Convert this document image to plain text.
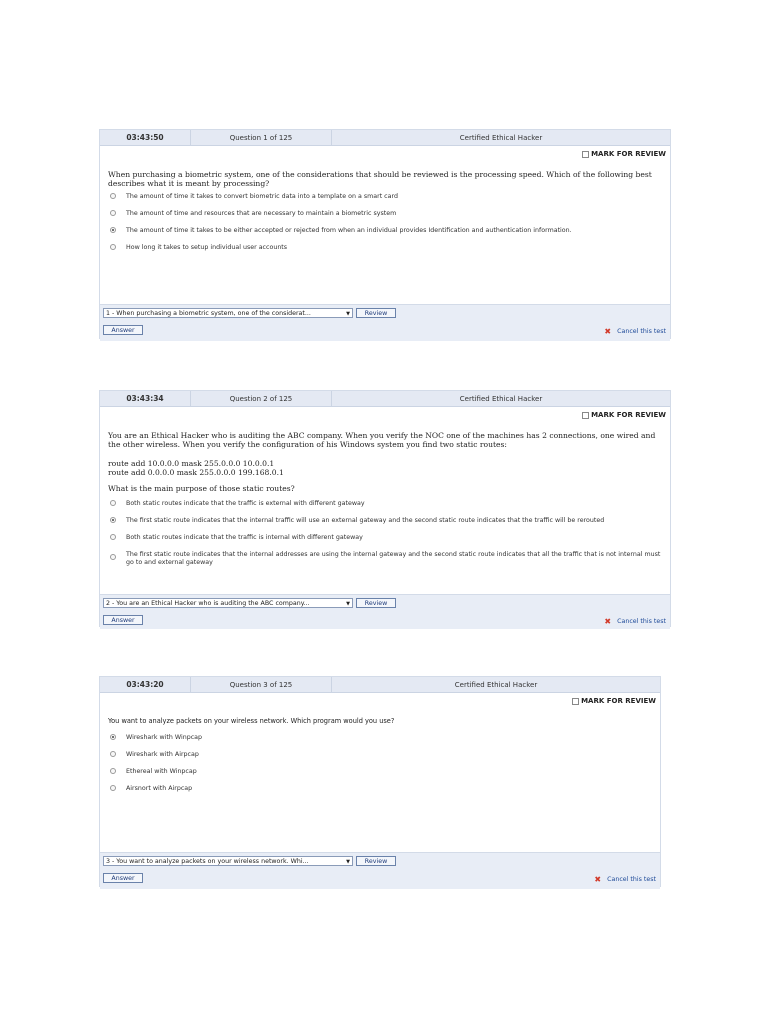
03:43:50	Question 1 of 125	Certified Ethical Hacker
MARK FOR REVIEW
When purchasing a biometric system, one of the considerations that should be reviewed is the processing speed. Which of the following best describes what it is meant by processing?
The amount of time it takes to convert biometric data into a template on a smart card
The amount of time and resources that are necessary to maintain a biometric system
The amount of time it takes to be either accepted or rejected from when an individual provides Identification and authentication information.
How long it takes to setup individual user accounts
1 - When purchasing a biometric system, one of the considerat...	▼	Review
Answer	✖ Cancel this test
03:43:34	Question 2 of 125	Certified Ethical Hacker
MARK FOR REVIEW
You are an Ethical Hacker who is auditing the ABC company. When you verify the NOC one of the machines has 2 connections, one wired and the other wireless. When you verify the configuration of his Windows system you find two static routes:
route add 10.0.0.0 mask 255.0.0.0 10.0.0.1
route add 0.0.0.0 mask 255.0.0.0 199.168.0.1
What is the main purpose of those static routes?
Both static routes indicate that the traffic is external with different gateway
The first static route indicates that the internal traffic will use an external gateway and the second static route indicates that the traffic will be rerouted
Both static routes indicate that the traffic is internal with different gateway
The first static route indicates that the internal addresses are using the internal gateway and the second static route indicates that all the traffic that is not internal must go to and external gateway
2 - You are an Ethical Hacker who is auditing the ABC company...	▼	Review
Answer	✖ Cancel this test
03:43:20	Question 3 of 125	Certified Ethical Hacker
MARK FOR REVIEW
You want to analyze packets on your wireless network. Which program would you use?
Wireshark with Winpcap
Wireshark with Airpcap
Ethereal with Winpcap
Airsnort with Airpcap
3 - You want to analyze packets on your wireless network. Whi...	▼	Review
Answer	✖ Cancel this test
